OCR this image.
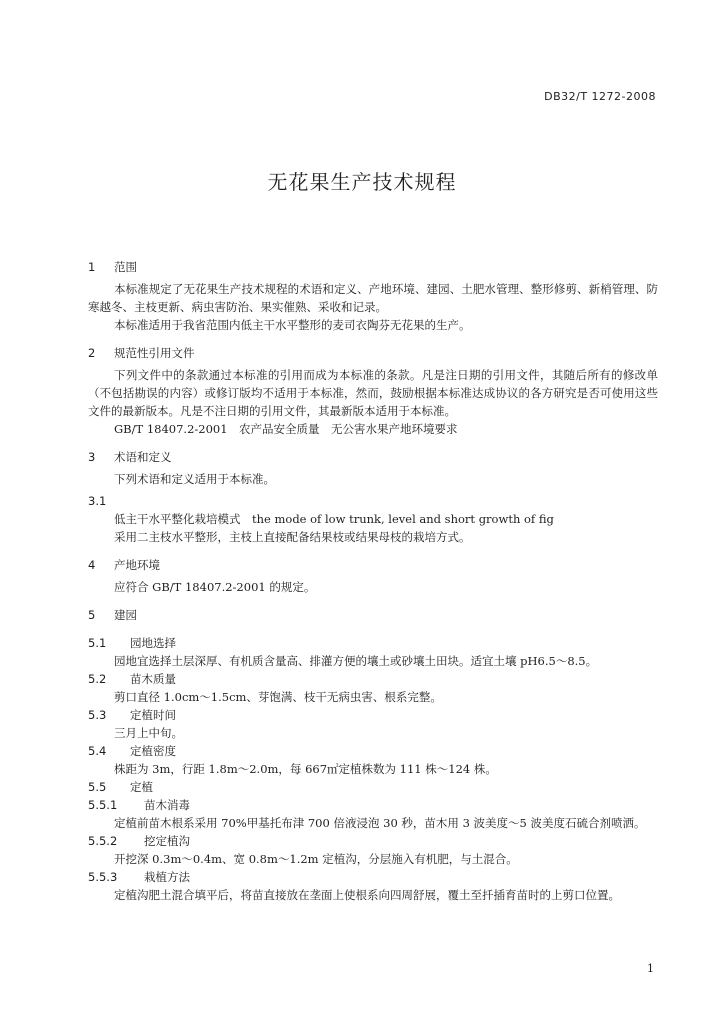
DB32/T 1272-2008
无花果生产技术规程
1	范围

本标准规定了无花果生产技术规程的术语和定义、产地环境、建园、土肥水管理、整形修剪、新梢管理、防寒越冬、主枝更新、病虫害防治、果实催熟、采收和记录。

本标准适用于我省范围内低主干水平整形的麦司衣陶芬无花果的生产。

2	规范性引用文件

下列文件中的条款通过本标准的引用而成为本标准的条款。凡是注日期的引用文件，其随后所有的修改单（不包括勘误的内容）或修订版均不适用于本标准，然而，鼓励根据本标准达成协议的各方研究是否可使用这些文件的最新版本。凡是不注日期的引用文件，其最新版本适用于本标准。

GB/T 18407.2-2001　农产品安全质量　无公害水果产地环境要求

3	术语和定义

下列术语和定义适用于本标准。

3.1

低主干水平整化栽培模式　the mode of low trunk, level and short growth of fig

采用二主枝水平整形，主枝上直接配备结果枝或结果母枝的栽培方式。

4	产地环境

应符合 GB/T 18407.2-2001 的规定。

5	建园
5.1	园地选择

园地宜选择土层深厚、有机质含量高、排灌方便的壤土或砂壤土田块。适宜土壤 pH6.5～8.5。

5.2	苗木质量

剪口直径 1.0cm～1.5cm、芽饱满、枝干无病虫害、根系完整。

5.3	定植时间

三月上中旬。

5.4	定植密度

株距为 3m，行距 1.8m～2.0m，每 667㎡定植株数为 111 株～124 株。

5.5	定植
5.5.1	苗木消毒

定植前苗木根系采用 70%甲基托布津 700 倍液浸泡 30 秒，苗木用 3 波美度～5 波美度石硫合剂喷洒。

5.5.2	挖定植沟

开挖深 0.3m～0.4m、宽 0.8m～1.2m 定植沟，分层施入有机肥，与土混合。

5.5.3	栽植方法

定植沟肥土混合填平后，将苗直接放在垄面上使根系向四周舒展，覆土至扦插育苗时的上剪口位置。

1
